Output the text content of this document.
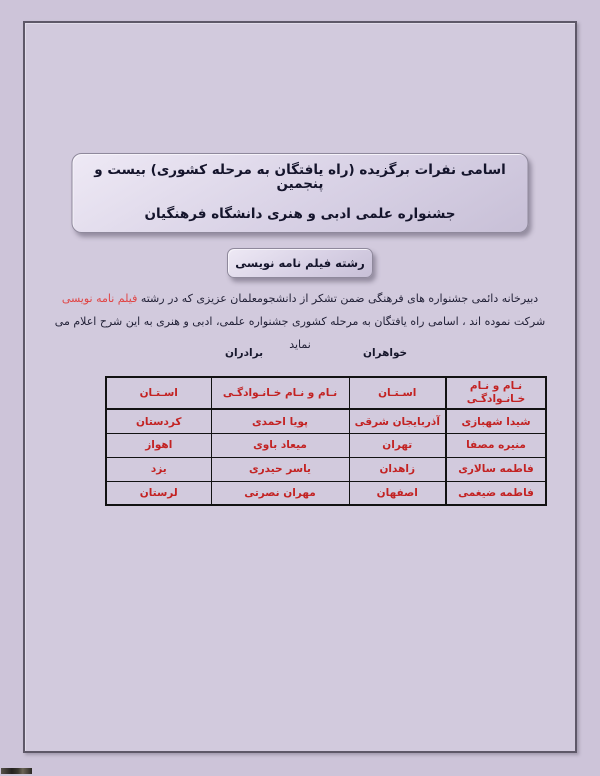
اسامی نفرات برگزیده (راه یافتگان به مرحله کشوری) بیست و پنجمین
جشنواره علمی ادبی و هنری دانشگاه فرهنگیان
رشته فیلم نامه نویسی

دبیرخانه دائمی جشنواره های فرهنگی ضمن تشکر از دانشجومعلمان عزیزی که در رشته فیلم نامه نویسی شرکت نموده اند ، اسامی راه یافتگان به مرحله کشوری جشنواره علمی، ادبی و هنری به این شرح اعلام می نماید

خواهران
برادران
نـام و نـام خـانـوادگـی	اسـتـان	نـام و نـام خـانـوادگـی	اسـتـان
شیدا شهبازی	آذربایجان شرقی	پویا احمدی	کردستان
منیره مصفا	تهران	میعاد باوی	اهواز
فاطمه سالاری	زاهدان	یاسر حیدری	یزد
فاطمه ضیغمی	اصفهان	مهران نصرتی	لرستان
